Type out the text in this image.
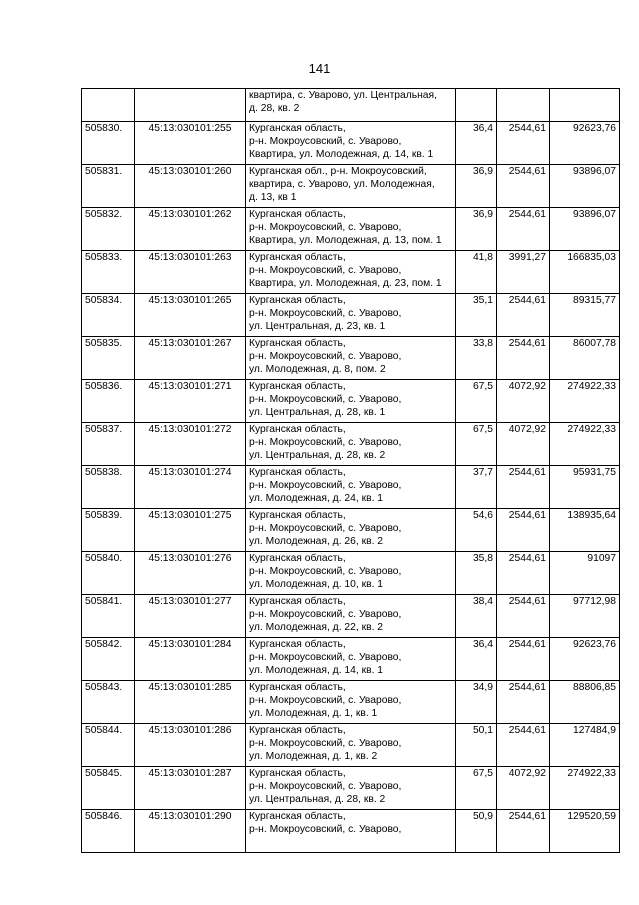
141

		квартира, с. Уварово, ул. Центральная,
д. 28, кв. 2			

505830.	45:13:030101:255	Курганская область,
р-н. Мокроусовский, с. Уварово,
Квартира, ул. Молодежная, д. 14, кв. 1	36,4	2544,61	92623,76
505831.	45:13:030101:260	Курганская обл., р-н. Мокроусовский,
квартира, с. Уварово, ул. Молодежная,
д. 13, кв 1	36,9	2544,61	93896,07
505832.	45:13:030101:262	Курганская область,
р-н. Мокроусовский, с. Уварово,
Квартира, ул. Молодежная, д. 13, пом. 1	36,9	2544,61	93896,07
505833.	45:13:030101:263	Курганская область,
р-н. Мокроусовский, с. Уварово,
Квартира, ул. Молодежная, д. 23, пом. 1	41,8	3991,27	166835,03
505834.	45:13:030101:265	Курганская область,
р-н. Мокроусовский, с. Уварово,
ул. Центральная, д. 23, кв. 1	35,1	2544,61	89315,77
505835.	45:13:030101:267	Курганская область,
р-н. Мокроусовский, с. Уварово,
ул. Молодежная, д. 8, пом. 2	33,8	2544,61	86007,78
505836.	45:13:030101:271	Курганская область,
р-н. Мокроусовский, с. Уварово,
ул. Центральная, д. 28, кв. 1	67,5	4072,92	274922,33
505837.	45:13:030101:272	Курганская область,
р-н. Мокроусовский, с. Уварово,
ул. Центральная, д. 28, кв. 2	67,5	4072,92	274922,33
505838.	45:13:030101:274	Курганская область,
р-н. Мокроусовский, с. Уварово,
ул. Молодежная, д. 24, кв. 1	37,7	2544,61	95931,75
505839.	45:13:030101:275	Курганская область,
р-н. Мокроусовский, с. Уварово,
ул. Молодежная, д. 26, кв. 2	54,6	2544,61	138935,64
505840.	45:13:030101:276	Курганская область,
р-н. Мокроусовский, с. Уварово,
ул. Молодежная, д. 10, кв. 1	35,8	2544,61	91097
505841.	45:13:030101:277	Курганская область,
р-н. Мокроусовский, с. Уварово,
ул. Молодежная, д. 22, кв. 2	38,4	2544,61	97712,98
505842.	45:13:030101:284	Курганская область,
р-н. Мокроусовский, с. Уварово,
ул. Молодежная, д. 14, кв. 1	36,4	2544,61	92623,76
505843.	45:13:030101:285	Курганская область,
р-н. Мокроусовский, с. Уварово,
ул. Молодежная, д. 1, кв. 1	34,9	2544,61	88806,85
505844.	45:13:030101:286	Курганская область,
р-н. Мокроусовский, с. Уварово,
ул. Молодежная, д. 1, кв. 2	50,1	2544,61	127484,9
505845.	45:13:030101:287	Курганская область,
р-н. Мокроусовский, с. Уварово,
ул. Центральная, д. 28, кв. 2	67,5	4072,92	274922,33
505846.	45:13:030101:290	Курганская область,
р-н. Мокроусовский, с. Уварово,	50,9	2544,61	129520,59
